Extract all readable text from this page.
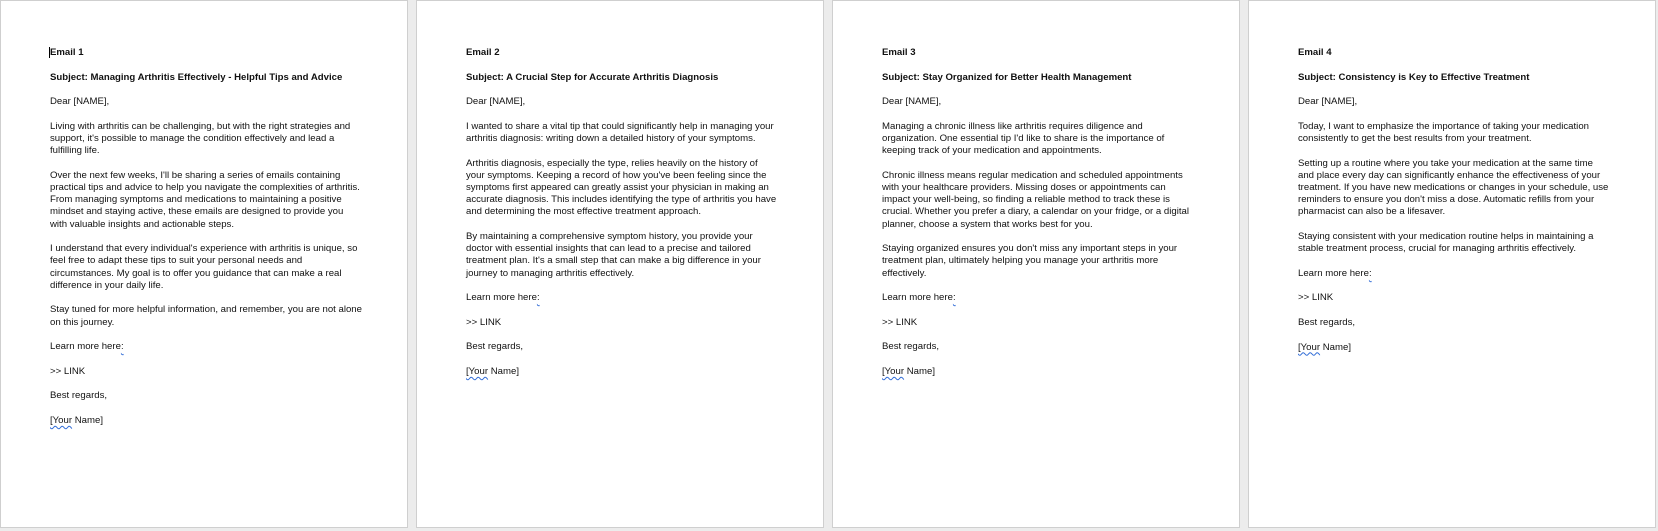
Email 1

Subject: Managing Arthritis Effectively - Helpful Tips and Advice

Dear [NAME],

Living with arthritis can be challenging, but with the right strategies and support, it's possible to manage the condition effectively and lead a fulfilling life.

Over the next few weeks, I'll be sharing a series of emails containing practical tips and advice to help you navigate the complexities of arthritis. From managing symptoms and medications to maintaining a positive mindset and staying active, these emails are designed to provide you with valuable insights and actionable steps.

I understand that every individual's experience with arthritis is unique, so feel free to adapt these tips to suit your personal needs and circumstances. My goal is to offer you guidance that can make a real difference in your daily life.

Stay tuned for more helpful information, and remember, you are not alone on this journey.

Learn more here:

>> LINK

Best regards,

[Your Name]

Email 2

Subject: A Crucial Step for Accurate Arthritis Diagnosis

Dear [NAME],

I wanted to share a vital tip that could significantly help in managing your arthritis diagnosis: writing down a detailed history of your symptoms.

Arthritis diagnosis, especially the type, relies heavily on the history of your symptoms. Keeping a record of how you've been feeling since the symptoms first appeared can greatly assist your physician in making an accurate diagnosis. This includes identifying the type of arthritis you have and determining the most effective treatment approach.

By maintaining a comprehensive symptom history, you provide your doctor with essential insights that can lead to a precise and tailored treatment plan. It's a small step that can make a big difference in your journey to managing arthritis effectively.

Learn more here:

>> LINK

Best regards,

[Your Name]

Email 3

Subject: Stay Organized for Better Health Management

Dear [NAME],

Managing a chronic illness like arthritis requires diligence and organization. One essential tip I'd like to share is the importance of keeping track of your medication and appointments.

Chronic illness means regular medication and scheduled appointments with your healthcare providers. Missing doses or appointments can impact your well-being, so finding a reliable method to track these is crucial. Whether you prefer a diary, a calendar on your fridge, or a digital planner, choose a system that works best for you.

Staying organized ensures you don't miss any important steps in your treatment plan, ultimately helping you manage your arthritis more effectively.

Learn more here:

>> LINK

Best regards,

[Your Name]

Email 4

Subject: Consistency is Key to Effective Treatment

Dear [NAME],

Today, I want to emphasize the importance of taking your medication consistently to get the best results from your treatment.

Setting up a routine where you take your medication at the same time and place every day can significantly enhance the effectiveness of your treatment. If you have new medications or changes in your schedule, use reminders to ensure you don't miss a dose. Automatic refills from your pharmacist can also be a lifesaver.

Staying consistent with your medication routine helps in maintaining a stable treatment process, crucial for managing arthritis effectively.

Learn more here:

>> LINK

Best regards,

[Your Name]
